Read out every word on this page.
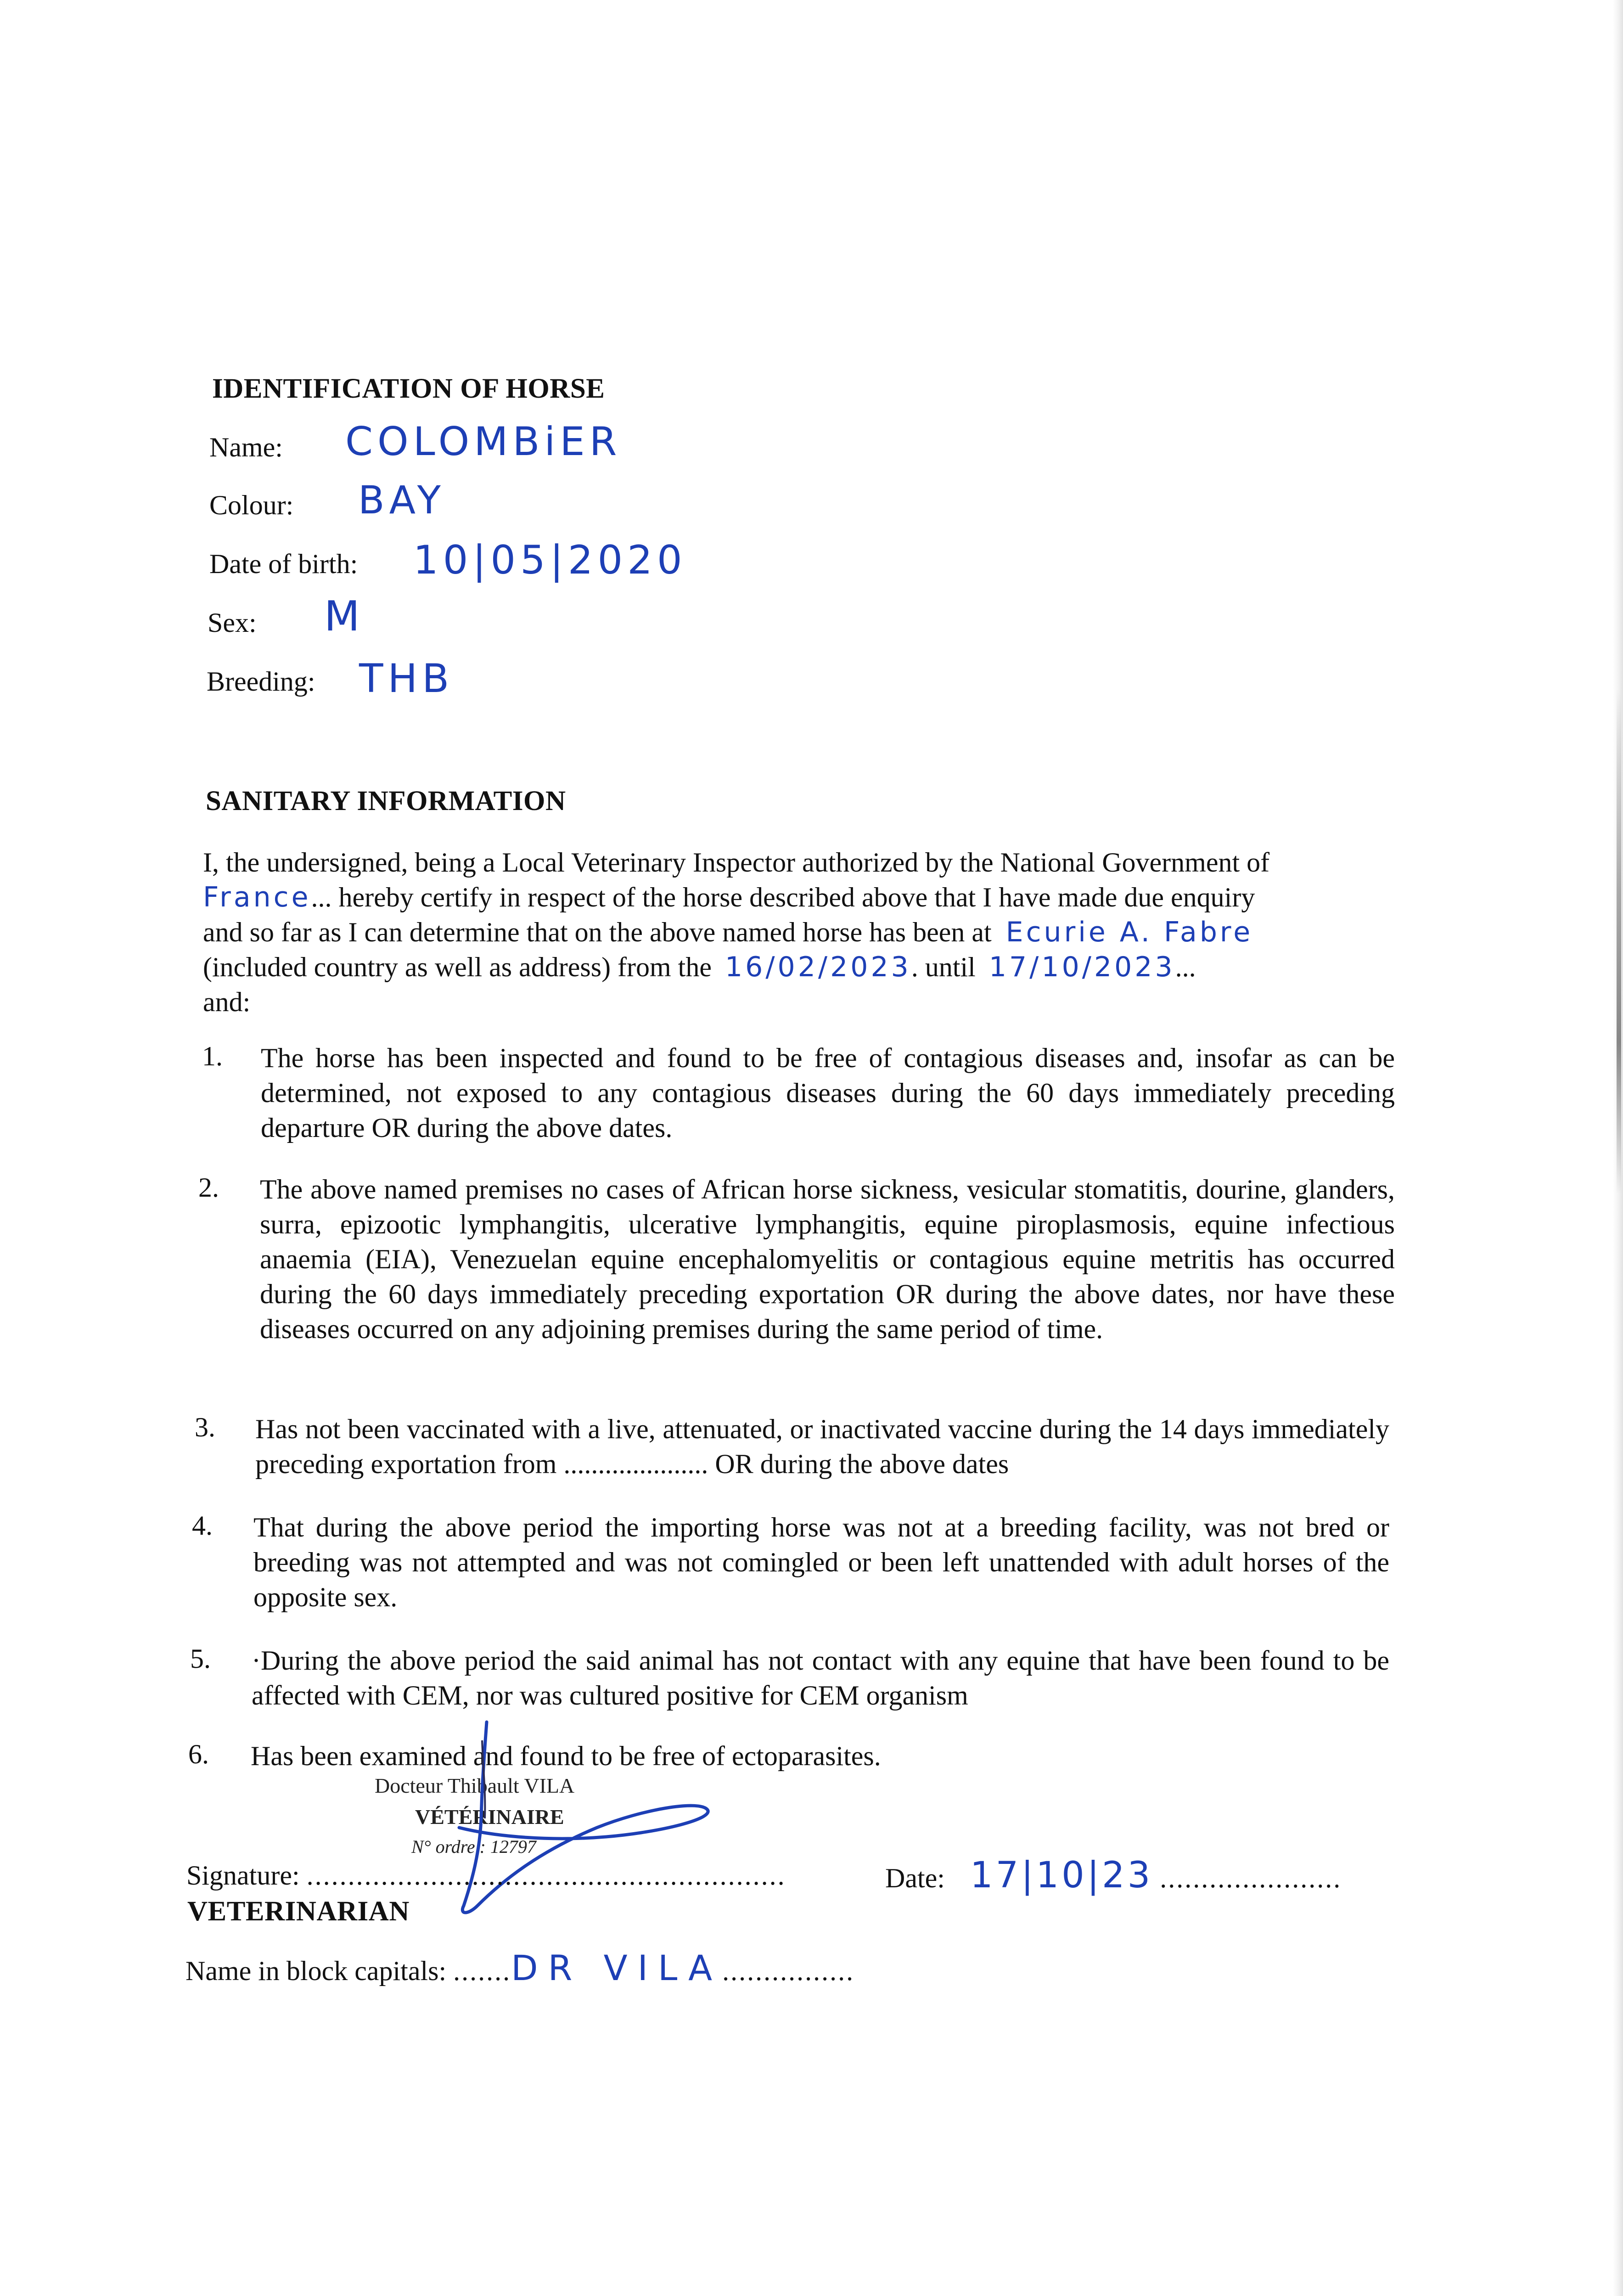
IDENTIFICATION OF HORSE
Name: COLOMBiER
Colour: BAY
Date of birth: 10|05|2020
Sex: M
Breeding: THB
SANITARY INFORMATION
I, the undersigned, being a Local Veterinary Inspector authorized by the National Government of
France... hereby certify in respect of the horse described above that I have made due enquiry
and so far as I can determine that on the above named horse has been at Ecurie A. Fabre
(included country as well as address) from the 16/02/2023. until 17/10/2023...
and:
1. The horse has been inspected and found to be free of contagious diseases and, insofar as can be determined, not exposed to any contagious diseases during the 60 days immediately preceding departure OR during the above dates.
2. The above named premises no cases of African horse sickness, vesicular stomatitis, dourine, glanders, surra, epizootic lymphangitis, ulcerative lymphangitis, equine piroplasmosis, equine infectious anaemia (EIA), Venezuelan equine encephalomyelitis or contagious equine metritis has occurred during the 60 days immediately preceding exportation OR during the above dates, nor have these diseases occurred on any adjoining premises during the same period of time.
3. Has not been vaccinated with a live, attenuated, or inactivated vaccine during the 14 days immediately preceding exportation from ..................... OR during the above dates
4. That during the above period the importing horse was not at a breeding facility, was not bred or breeding was not attempted and was not comingled or been left unattended with adult horses of the opposite sex.
5. ·During the above period the said animal has not contact with any equine that have been found to be affected with CEM, nor was cultured positive for CEM organism
6. Has been examined and found to be free of ectoparasites.
Docteur Thibault VILA
VÉTÉRINAIRE
N° ordre : 12797
Signature: ..........................................................	Date: 17|10|23 ......................
VETERINARIAN
Name in block capitals: .......DR VILA................
